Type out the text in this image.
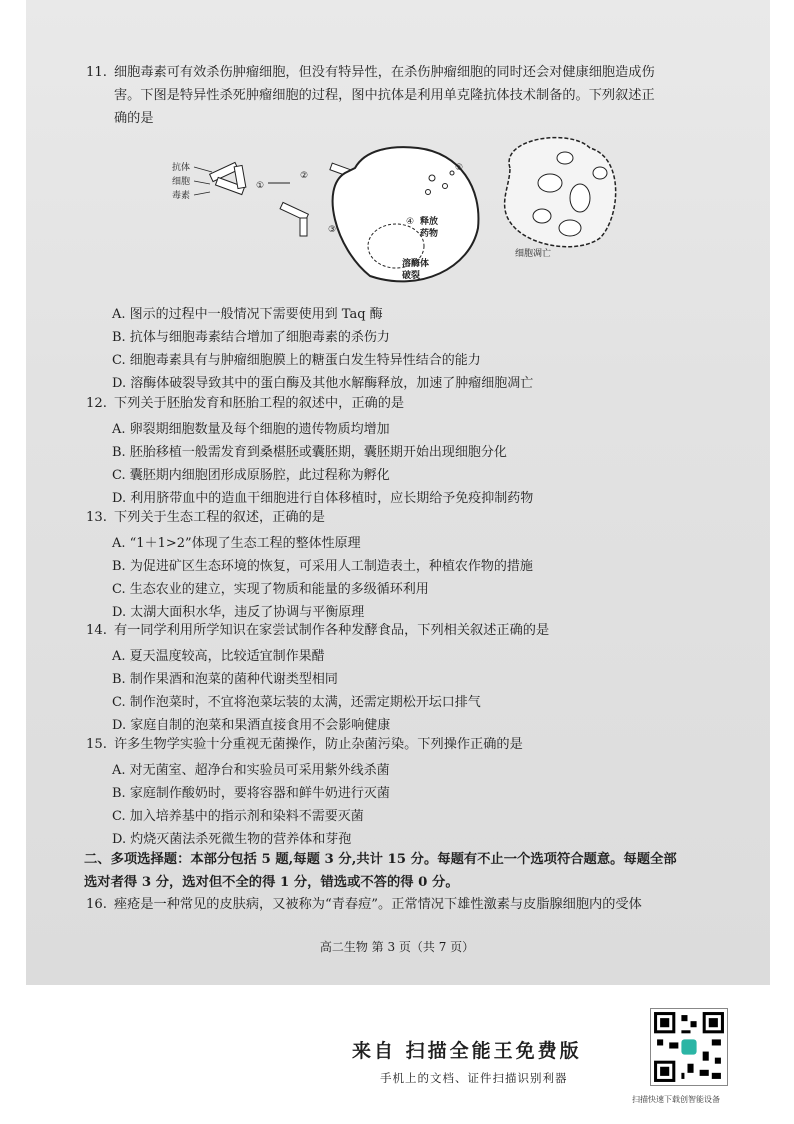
11. 细胞毒素可有效杀伤肿瘤细胞，但没有特异性，在杀伤肿瘤细胞的同时还会对健康细胞造成伤
害。下图是特异性杀死肿瘤细胞的过程，图中抗体是利用单克隆抗体技术制备的。下列叙述正
确的是
抗体
细胞
毒素
①
②
③
④
⑤
释放
药物
溶酶体
破裂
细胞凋亡
A. 图示的过程中一般情况下需要使用到 Taq 酶
B. 抗体与细胞毒素结合增加了细胞毒素的杀伤力
C. 细胞毒素具有与肿瘤细胞膜上的糖蛋白发生特异性结合的能力
D. 溶酶体破裂导致其中的蛋白酶及其他水解酶释放，加速了肿瘤细胞凋亡
12. 下列关于胚胎发育和胚胎工程的叙述中，正确的是
A. 卵裂期细胞数量及每个细胞的遗传物质均增加
B. 胚胎移植一般需发育到桑椹胚或囊胚期，囊胚期开始出现细胞分化
C. 囊胚期内细胞团形成原肠腔，此过程称为孵化
D. 利用脐带血中的造血干细胞进行自体移植时，应长期给予免疫抑制药物
13. 下列关于生态工程的叙述，正确的是
A. “1＋1>2”体现了生态工程的整体性原理
B. 为促进矿区生态环境的恢复，可采用人工制造表土，种植农作物的措施
C. 生态农业的建立，实现了物质和能量的多级循环利用
D. 太湖大面积水华，违反了协调与平衡原理
14. 有一同学利用所学知识在家尝试制作各种发酵食品，下列相关叙述正确的是
A. 夏天温度较高，比较适宜制作果醋
B. 制作果酒和泡菜的菌种代谢类型相同
C. 制作泡菜时，不宜将泡菜坛装的太满，还需定期松开坛口排气
D. 家庭自制的泡菜和果酒直接食用不会影响健康
15. 许多生物学实验十分重视无菌操作，防止杂菌污染。下列操作正确的是
A. 对无菌室、超净台和实验员可采用紫外线杀菌
B. 家庭制作酸奶时，要将容器和鲜牛奶进行灭菌
C. 加入培养基中的指示剂和染料不需要灭菌
D. 灼烧灭菌法杀死微生物的营养体和芽孢
二、多项选择题：本部分包括 5 题,每题 3 分,共计 15 分。每题有不止一个选项符合题意。每题全部
选对者得 3 分，选对但不全的得 1 分，错选或不答的得 0 分。
16. 痤疮是一种常见的皮肤病，又被称为“青春痘”。正常情况下雄性激素与皮脂腺细胞内的受体
高二生物 第 3 页（共 7 页）
来自 扫描全能王免费版
手机上的文档、证件扫描识别利器
扫描快速下载创智能设备
